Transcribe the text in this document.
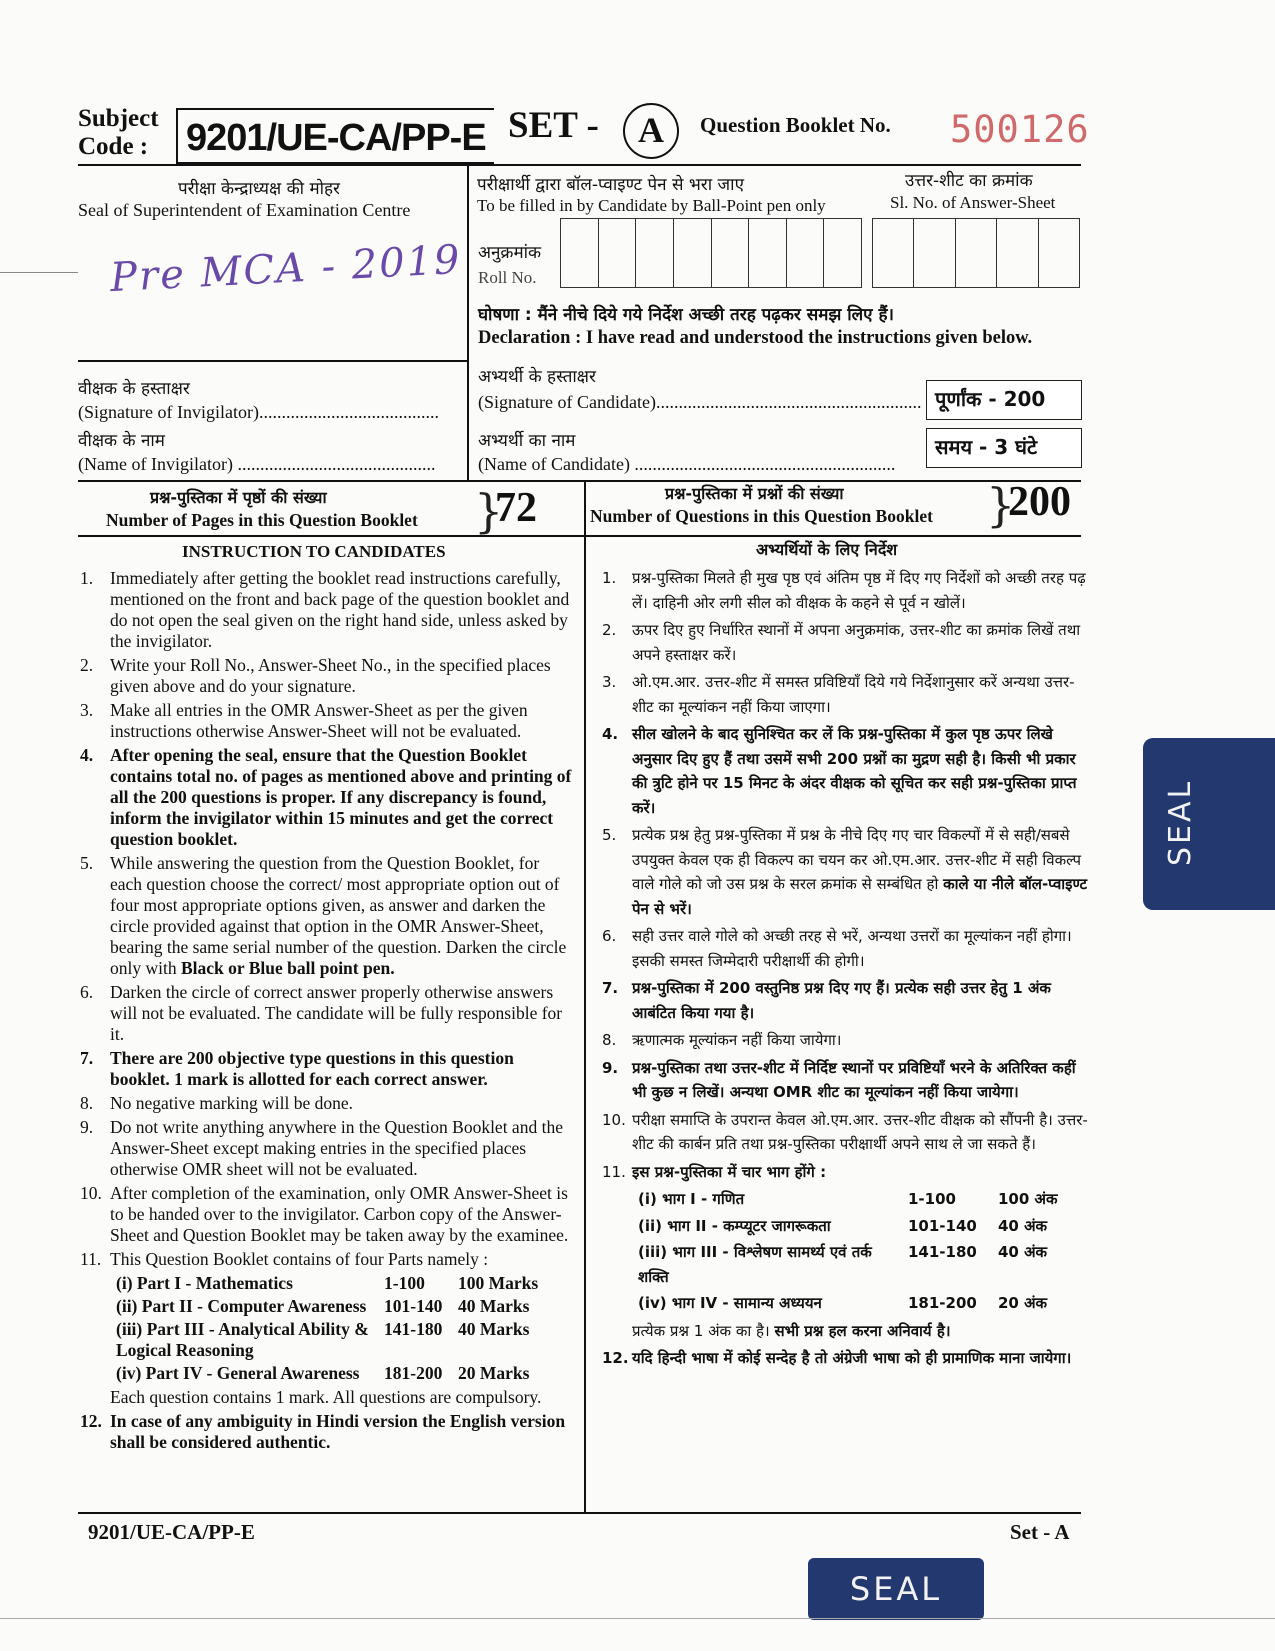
Subject
Code : 9201/UE-CA/PP-E SET -	A	Question Booklet No. 500126
परीक्षा केन्द्राध्यक्ष की मोहर
Seal of Superintendent of Examination Centre
Pre MCA - 2019
परीक्षार्थी द्वारा बॉल-प्वाइण्ट पेन से भरा जाए
To be filled in by Candidate by Ball-Point pen only
उत्तर-शीट का क्रमांक
Sl. No. of Answer-Sheet
अनुक्रमांक
Roll No.
घोषणा : मैंने नीचे दिये गये निर्देश अच्छी तरह पढ़कर समझ लिए हैं।
Declaration : I have read and understood the instructions given below.
वीक्षक के हस्ताक्षर
(Signature of Invigilator)........................................
वीक्षक के नाम
(Name of Invigilator) ............................................
अभ्यर्थी के हस्ताक्षर
(Signature of Candidate)...........................................................
अभ्यर्थी का नाम
(Name of Candidate) ..........................................................
पूर्णांक - 200
समय - 3 घंटे
प्रश्न-पुस्तिका में पृष्ठों की संख्या
Number of Pages in this Question Booklet }
72	प्रश्न-पुस्तिका में प्रश्नों की संख्या
Number of Questions in this Question Booklet }
200
INSTRUCTION TO CANDIDATES
1. Immediately after getting the booklet read instructions carefully, mentioned on the front and back page of the question booklet and do not open the seal given on the right hand side, unless asked by the invigilator.
2. Write your Roll No., Answer-Sheet No., in the specified places given above and do your signature.
3. Make all entries in the OMR Answer-Sheet as per the given instructions otherwise Answer-Sheet will not be evaluated.
4. After opening the seal, ensure that the Question Booklet contains total no. of pages as mentioned above and printing of all the 200 questions is proper. If any discrepancy is found, inform the invigilator within 15 minutes and get the correct question booklet.
5. While answering the question from the Question Booklet, for each question choose the correct/ most appropriate option out of four most appropriate options given, as answer and darken the circle provided against that option in the OMR Answer-Sheet, bearing the same serial number of the question. Darken the circle only with Black or Blue ball point pen.
6. Darken the circle of correct answer properly otherwise answers will not be evaluated. The candidate will be fully responsible for it.
7. There are 200 objective type questions in this question booklet. 1 mark is allotted for each correct answer.
8. No negative marking will be done.
9. Do not write anything anywhere in the Question Booklet and the Answer-Sheet except making entries in the specified places otherwise OMR sheet will not be evaluated.
10. After completion of the examination, only OMR Answer-Sheet is to be handed over to the invigilator. Carbon copy of the Answer-Sheet and Question Booklet may be taken away by the examinee.
11. This Question Booklet contains of four Parts namely :
(i) Part I - Mathematics	1-100	100 Marks
(ii) Part II - Computer Awareness	101-140 40 Marks
(iii) Part III - Analytical Ability & Logical Reasoning
141-180 40 Marks
(iv) Part IV - General Awareness	181-200 20 Marks
Each question contains 1 mark. All questions are compulsory.
12. In case of any ambiguity in Hindi version the English version shall be considered authentic.
अभ्यर्थियों के लिए निर्देश
1. प्रश्न-पुस्तिका मिलते ही मुख पृष्ठ एवं अंतिम पृष्ठ में दिए गए निर्देशों को अच्छी तरह पढ़ लें। दाहिनी ओर लगी सील को वीक्षक के कहने से पूर्व न खोलें।
2. ऊपर दिए हुए निर्धारित स्थानों में अपना अनुक्रमांक, उत्तर-शीट का क्रमांक लिखें तथा अपने हस्ताक्षर करें।
3. ओ.एम.आर. उत्तर-शीट में समस्त प्रविष्टियाँ दिये गये निर्देशानुसार करें अन्यथा उत्तर-शीट का मूल्यांकन नहीं किया जाएगा।
4. सील खोलने के बाद सुनिश्चित कर लें कि प्रश्न-पुस्तिका में कुल पृष्ठ ऊपर लिखे अनुसार दिए हुए हैं तथा उसमें सभी 200 प्रश्नों का मुद्रण सही है। किसी भी प्रकार की त्रुटि होने पर 15 मिनट के अंदर वीक्षक को सूचित कर सही प्रश्न-पुस्तिका प्राप्त करें।
5. प्रत्येक प्रश्न हेतु प्रश्न-पुस्तिका में प्रश्न के नीचे दिए गए चार विकल्पों में से सही/सबसे उपयुक्त केवल एक ही विकल्प का चयन कर ओ.एम.आर. उत्तर-शीट में सही विकल्प वाले गोले को जो उस प्रश्न के सरल क्रमांक से सम्बंधित हो काले या नीले बॉल-प्वाइण्ट पेन से भरें।
6. सही उत्तर वाले गोले को अच्छी तरह से भरें, अन्यथा उत्तरों का मूल्यांकन नहीं होगा। इसकी समस्त जिम्मेदारी परीक्षार्थी की होगी।
7. प्रश्न-पुस्तिका में 200 वस्तुनिष्ठ प्रश्न दिए गए हैं। प्रत्येक सही उत्तर हेतु 1 अंक आबंटित किया गया है।
8. ऋणात्मक मूल्यांकन नहीं किया जायेगा।
9. प्रश्न-पुस्तिका तथा उत्तर-शीट में निर्दिष्ट स्थानों पर प्रविष्टियाँ भरने के अतिरिक्त कहीं भी कुछ न लिखें। अन्यथा OMR शीट का मूल्यांकन नहीं किया जायेगा।
10. परीक्षा समाप्ति के उपरान्त केवल ओ.एम.आर. उत्तर-शीट वीक्षक को सौंपनी है। उत्तर-शीट की कार्बन प्रति तथा प्रश्न-पुस्तिका परीक्षार्थी अपने साथ ले जा सकते हैं।
11. इस प्रश्न-पुस्तिका में चार भाग होंगे :
(i) भाग I - गणित	1-100	100 अंक
(ii) भाग II - कम्प्यूटर जागरूकता	101-140	40 अंक
(iii) भाग III - विश्लेषण सामर्थ्य एवं तर्क शक्ति
141-180	40 अंक
(iv) भाग IV - सामान्य अध्ययन	181-200	20 अंक
प्रत्येक प्रश्न 1 अंक का है। सभी प्रश्न हल करना अनिवार्य है।
12. यदि हिन्दी भाषा में कोई सन्देह है तो अंग्रेजी भाषा को ही प्रामाणिक माना जायेगा।
9201/UE-CA/PP-E	Set - A
SEAL
SEAL
